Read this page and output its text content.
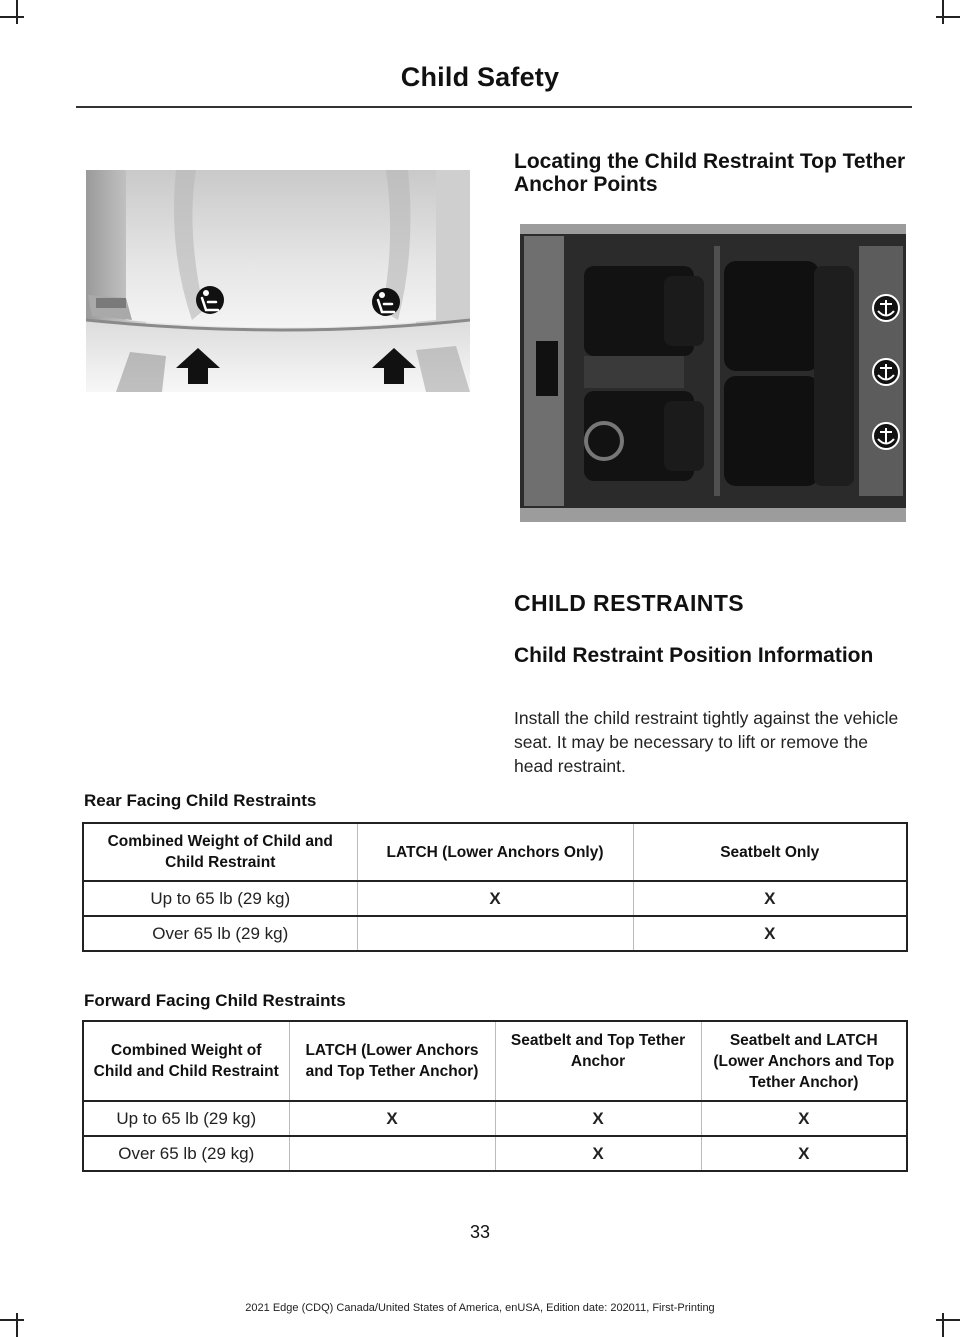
Child Safety
Locating the Child Restraint Top Tether Anchor Points
CHILD RESTRAINTS
Child Restraint Position Information
Install the child restraint tightly against the vehicle seat. It may be necessary to lift or remove the head restraint.
Rear Facing Child Restraints
Combined Weight of Child and Child Restraint	LATCH (Lower Anchors Only)	Seatbelt Only
Up to 65 lb (29 kg)	X	X
Over 65 lb (29 kg)		X
Forward Facing Child Restraints
Combined Weight of Child and Child Restraint	LATCH (Lower Anchors and Top Tether Anchor)	Seatbelt and Top Tether Anchor	Seatbelt and LATCH (Lower Anchors and Top Tether Anchor)
Up to 65 lb (29 kg)	X	X	X
Over 65 lb (29 kg)		X	X
33
2021 Edge (CDQ) Canada/United States of America, enUSA, Edition date: 202011, First-Printing
